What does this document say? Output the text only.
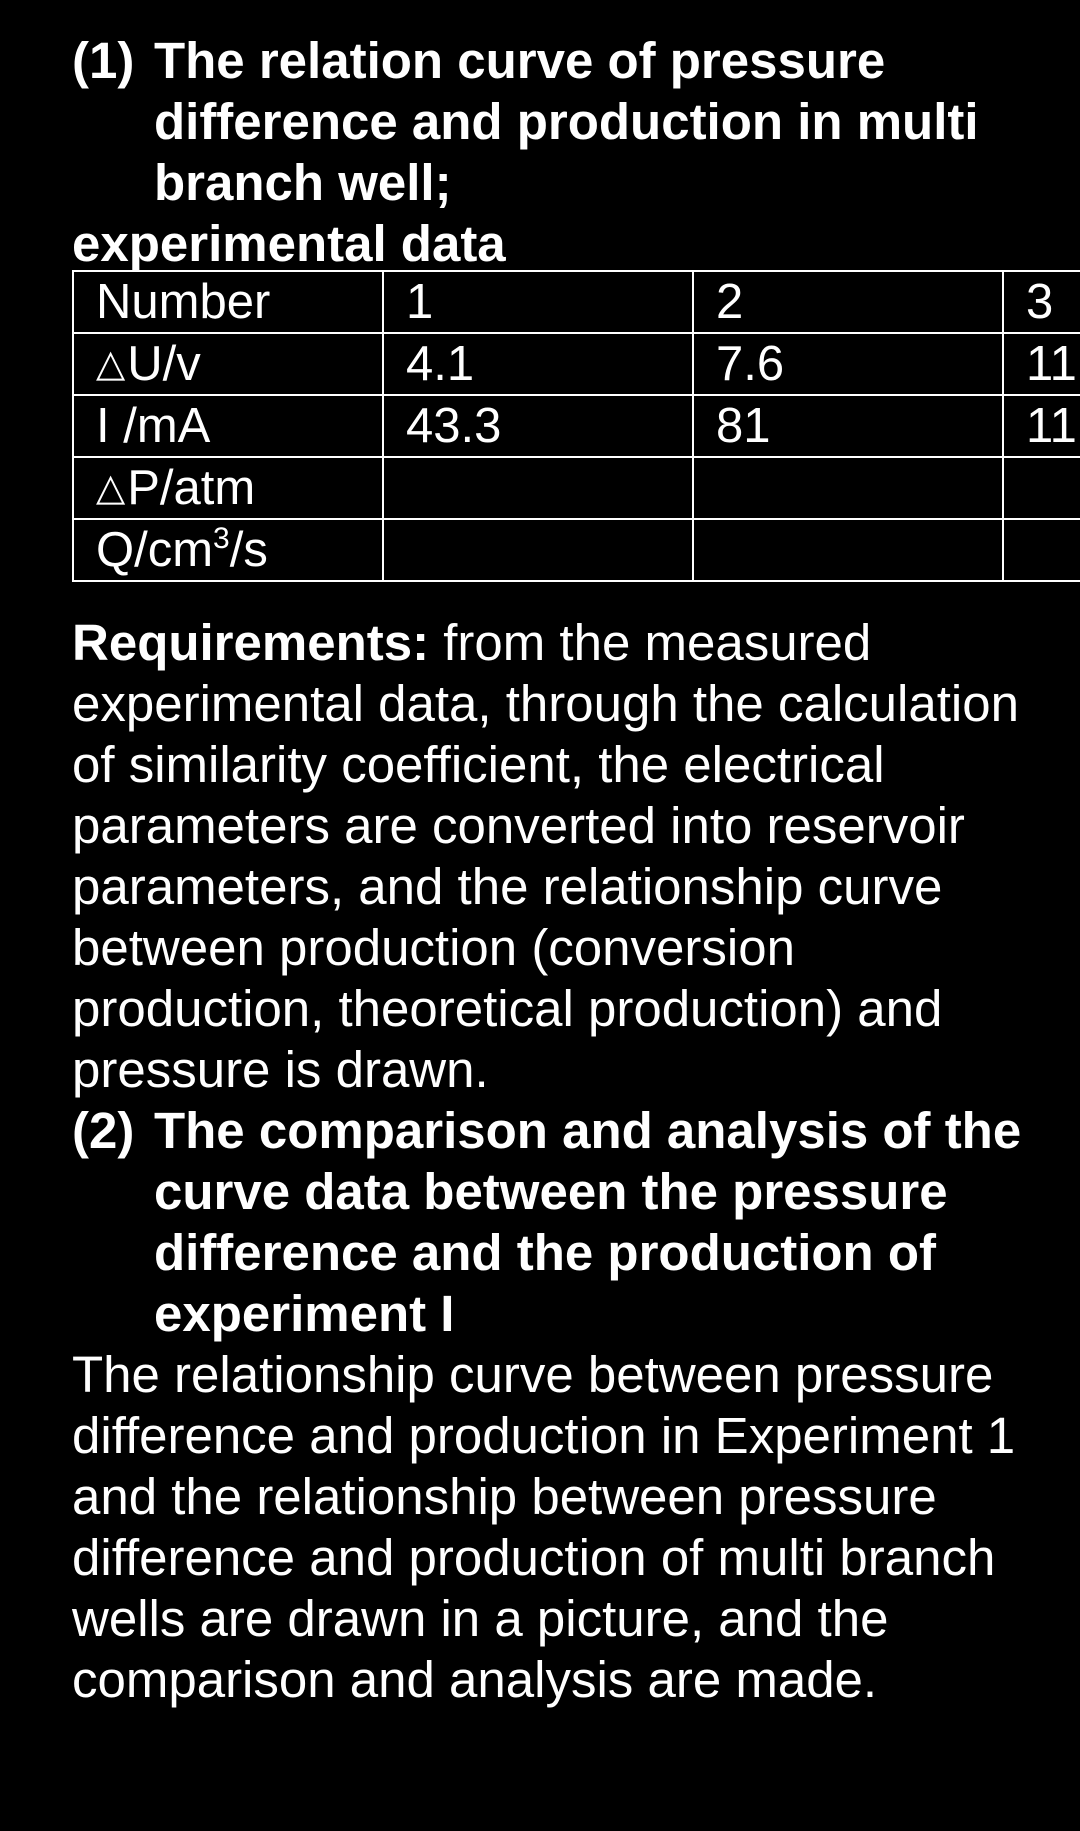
(1) The relation curve of pressure difference and production in multi branch well;
experimental data
Number	1	2	3
△U/v	4.1	7.6	11
I /mA	43.3	81	11
△P/atm			
$Q/cm^3/s$			
Requirements: from the measured experimental data, through the calculation of similarity coefficient, the electrical parameters are converted into reservoir parameters, and the relationship curve between production (conversion production, theoretical production) and pressure is drawn.
(2) The comparison and analysis of the curve data between the pressure difference and the production of experiment I
The relationship curve between pressure difference and production in Experiment 1 and the relationship between pressure difference and production of multi branch wells are drawn in a picture, and the comparison and analysis are made.
